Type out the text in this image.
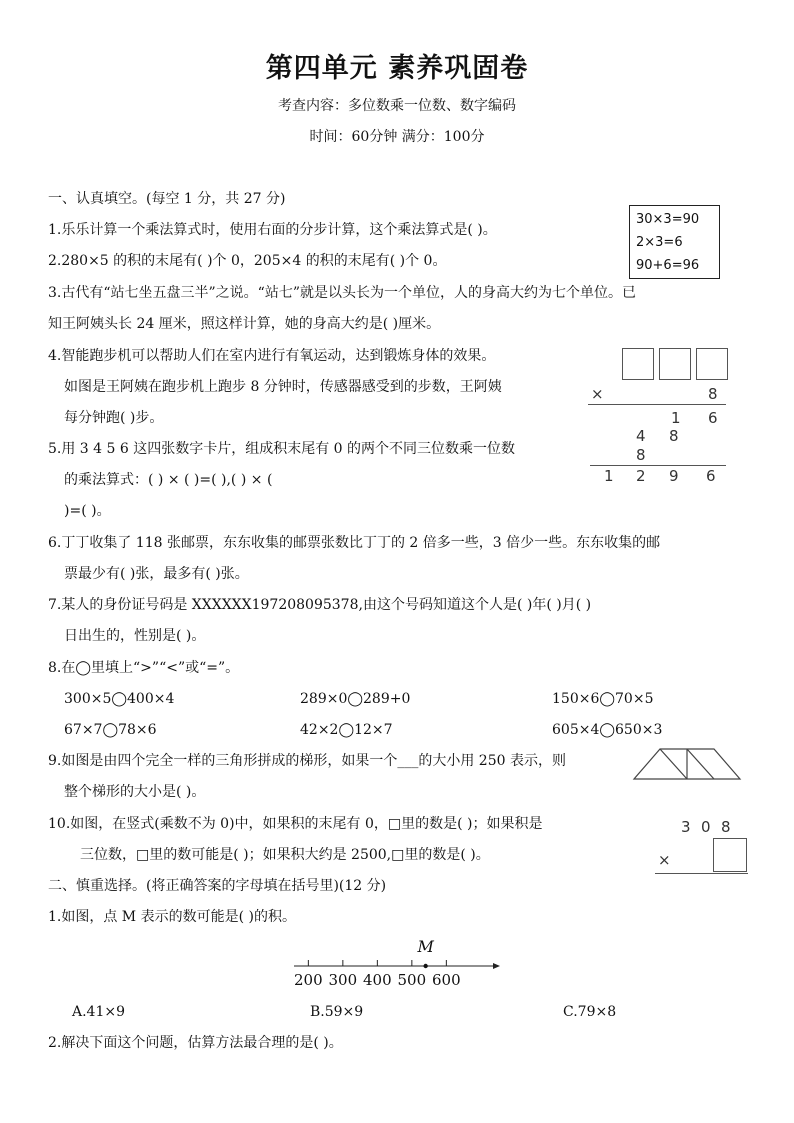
第四单元 素养巩固卷
考查内容：多位数乘一位数、数字编码
时间：60分钟 满分：100分
一、认真填空。(每空 1 分，共 27 分)
1.乐乐计算一个乘法算式时，使用右面的分步计算，这个乘法算式是( )。
30×3=90
2×3=6
90+6=96
2.280×5 的积的末尾有( )个 0，205×4 的积的末尾有( )个 0。
3.古代有“站七坐五盘三半”之说。“站七”就是以头长为一个单位，人的身高大约为七个单位。已
知王阿姨头长 24 厘米，照这样计算，她的身高大约是( )厘米。
4.智能跑步机可以帮助人们在室内进行有氧运动，达到锻炼身体的效果。
如图是王阿姨在跑步机上跑步 8 分钟时，传感器感受到的步数，王阿姨
每分钟跑( )步。
×	8
1 6
4 8
8
1 2 9 6
5.用 3 4 5 6 这四张数字卡片，组成积末尾有 0 的两个不同三位数乘一位数
的乘法算式：( ) × ( )=( ),( ) × (
)=( )。
6.丁丁收集了 118 张邮票，东东收集的邮票张数比丁丁的 2 倍多一些，3 倍少一些。东东收集的邮
票最少有( )张，最多有( )张。
7.某人的身份证号码是 XXXXXX19720809537​8,由这个号码知道这个人是( )年( )月( )
日出生的，性别是( )。
8.在◯里填上“>”“<”或“=”。
300×5◯400×4	289×0◯289+0	150×6◯70×5
67×7◯78×6	42×2◯12×7	605×4◯650×3
9.如图是由四个完全一样的三角形拼成的梯形，如果一个___的大小用 250 表示，则
整个梯形的大小是( )。
10.如图，在竖式(乘数不为 0)中，如果积的末尾有 0，□里的数是( )；如果积是
三位数，□里的数可能是( )；如果积大约是 2500,□里的数是( )。
3 0 8
×
二、慎重选择。(将正确答案的字母填在括号里)(12 分)
1.如图，点 M 表示的数可能是( )的积。
M
200 300 400 500 600
A.41×9	B.59×9	C.79×8
2.解决下面这个问题，估算方法最合理的是( )。
